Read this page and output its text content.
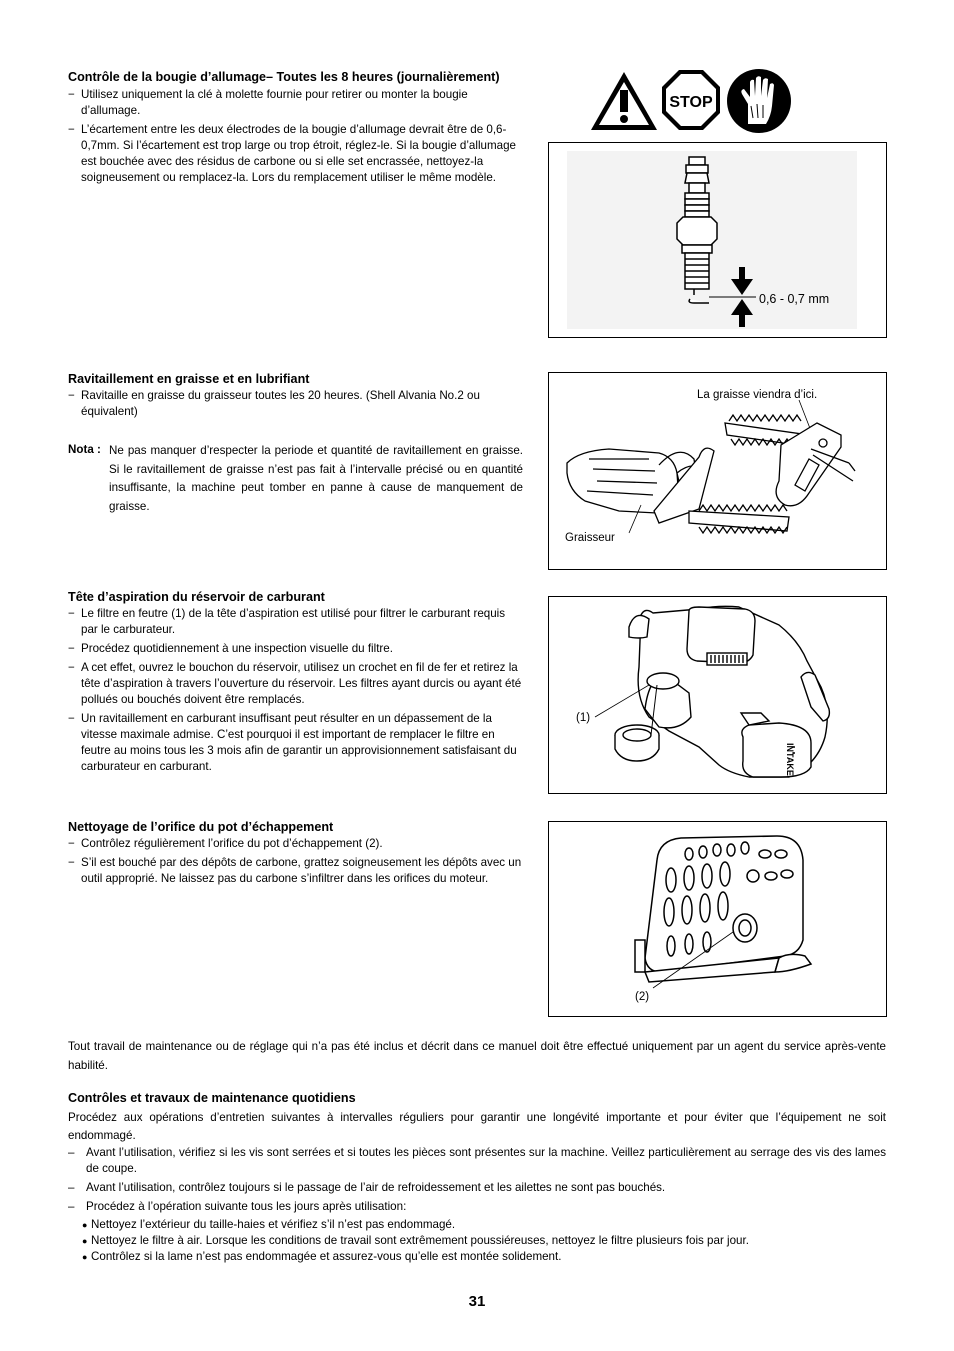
Contrôle de la bougie d’allumage– Toutes les 8 heures (journalièrement)
− Utilisez uniquement la clé à molette fournie pour retirer ou monter la bougie d’allumage.
− L’écartement entre les deux électrodes de la bougie d’allumage devrait être de 0,6-0,7mm. Si l’écartement est trop large ou trop étroit, réglez-le. Si la bougie d’allumage est bouchée avec des résidus de carbone ou si elle set encrassée, nettoyez-la soigneusement ou remplacez-la. Lors du remplacement utiliser le même modèle.
STOP
0,6 - 0,7 mm
Ravitaillement en graisse et en lubrifiant
− Ravitaille en graisse du graisseur toutes les 20 heures. (Shell Alvania No.2 ou équivalent)
Nota : Ne pas manquer d’respecter la periode et quantité de ravitaillement en graisse. Si le ravitaillement de graisse n’est pas fait à l’intervalle précisé ou en quantité insuffisante, la machine peut tomber en panne à cause de manquement de graisse.
La graisse viendra d’ici.
Graisseur
Tête d’aspiration du réservoir de carburant
− Le filtre en feutre (1) de la tête d’aspiration est utilisé pour filtrer le carburant requis par le carburateur.
− Procédez quotidiennement à une inspection visuelle du filtre.
− A cet effet, ouvrez le bouchon du réservoir, utilisez un crochet en fil de fer et retirez la tête d’aspiration à travers l’ouverture du réservoir. Les filtres ayant durcis ou ayant été pollués ou bouchés doivent être remplacés.
− Un ravitaillement en carburant insuffisant peut résulter en un dépassement de la vitesse maximale admise. C’est pourquoi il est important de remplacer le filtre en feutre au moins tous les 3 mois afin de garantir un approvisionnement satisfaisant du carburateur en carburant.
(1)
INTAKE
Nettoyage de l’orifice du pot d’échappement
− Contrôlez régulièrement l’orifice du pot d’échappement (2).
− S’il est bouché par des dépôts de carbone, grattez soigneusement les dépôts avec un outil approprié. Ne laissez pas du carbone s’infiltrer dans les orifices du moteur.
(2)
Tout travail de maintenance ou de réglage qui n’a pas été inclus et décrit dans ce manuel doit être effectué uniquement par un agent du service après-vente habilité.
Contrôles et travaux de maintenance quotidiens
Procédez aux opérations d’entretien suivantes à intervalles réguliers pour garantir une longévité importante et pour éviter que l’équipement ne soit endommagé.
– Avant l’utilisation, vérifiez si les vis sont serrées et si toutes les pièces sont présentes sur la machine. Veillez particulièrement au serrage des vis des lames de coupe.
– Avant l’utilisation, contrôlez toujours si le passage de l’air de refroidessement et les ailettes ne sont pas bouchés.
– Procédez à l’opération suivante tous les jours après utilisation:
● Nettoyez l’extérieur du taille-haies et vérifiez s’il n’est pas endommagé.
● Nettoyez le filtre à air. Lorsque les conditions de travail sont extrêmement poussiéreuses, nettoyez le filtre plusieurs fois par jour.
● Contrôlez si la lame n’est pas endommagée et assurez-vous qu’elle est montée solidement.
31
